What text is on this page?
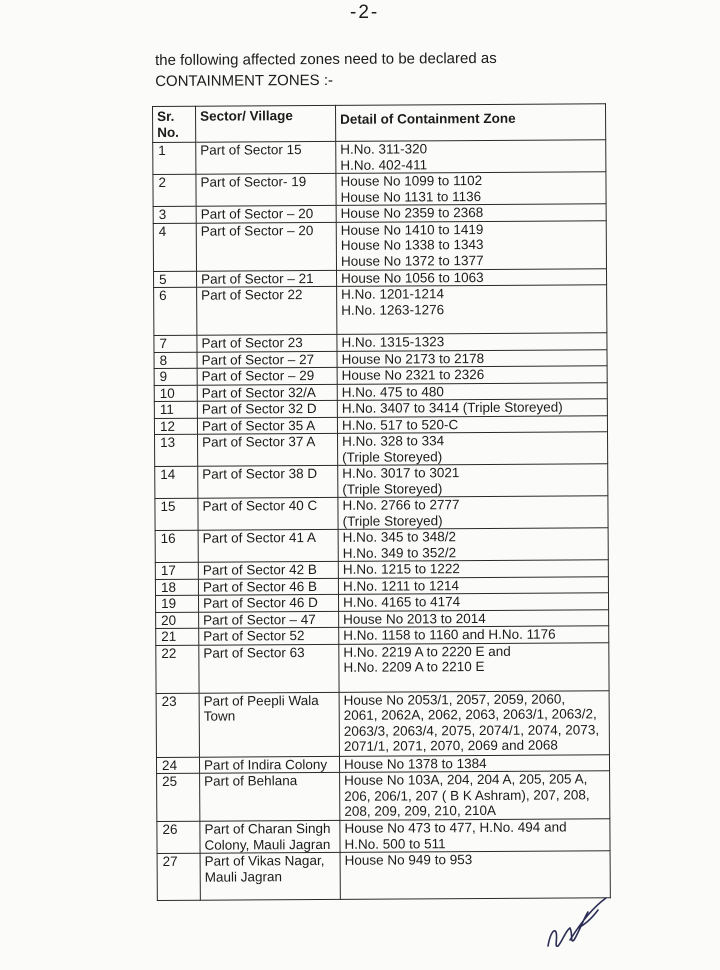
-2-

the following affected zones need to be declared as CONTAINMENT ZONES :-

Sr. No.	Sector/ Village	Detail of Containment Zone
1	Part of Sector 15	H.No. 311-320
H.No. 402-411

2	Part of Sector- 19	House No 1099 to 1102
House No 1131 to 1136

3	Part of Sector – 20	House No 2359 to 2368

4	Part of Sector – 20	House No 1410 to 1419
House No 1338 to 1343
House No 1372 to 1377

5	Part of Sector – 21	House No 1056 to 1063

6	Part of Sector 22	H.No. 1201-1214
H.No. 1263-1276

7	Part of Sector 23	H.No. 1315-1323

8	Part of Sector – 27	House No 2173 to 2178

9	Part of Sector – 29	House No 2321 to 2326

10	Part of Sector 32/A	H.No. 475 to 480

11	Part of Sector 32 D	H.No. 3407 to 3414 (Triple Storeyed)

12	Part of Sector 35 A	H.No. 517 to 520-C

13	Part of Sector 37 A	H.No. 328 to 334
(Triple Storeyed)

14	Part of Sector 38 D	H.No. 3017 to 3021
(Triple Storeyed)

15	Part of Sector 40 C	H.No. 2766 to 2777
(Triple Storeyed)

16	Part of Sector 41 A	H.No. 345 to 348/2
H.No. 349 to 352/2

17	Part of Sector 42 B	H.No. 1215 to 1222

18	Part of Sector 46 B	H.No. 1211 to 1214

19	Part of Sector 46 D	H.No. 4165 to 4174

20	Part of Sector – 47	House No 2013 to 2014

21	Part of Sector 52	H.No. 1158 to 1160 and H.No. 1176

22	Part of Sector 63	H.No. 2219 A to 2220 E and
H.No. 2209 A to 2210 E

23	Part of Peepli Wala
Town	House No 2053/1, 2057, 2059, 2060,
2061, 2062A, 2062, 2063, 2063/1, 2063/2,
2063/3, 2063/4, 2075, 2074/1, 2074, 2073,
2071/1, 2071, 2070, 2069 and 2068

24	Part of Indira Colony	House No 1378 to 1384

25	Part of Behlana	House No 103A, 204, 204 A, 205, 205 A,
206, 206/1, 207 ( B K Ashram), 207, 208,
208, 209, 209, 210, 210A

26	Part of Charan Singh
Colony, Mauli Jagran	House No 473 to 477, H.No. 494 and
H.No. 500 to 511

27	Part of Vikas Nagar,
Mauli Jagran	House No 949 to 953
